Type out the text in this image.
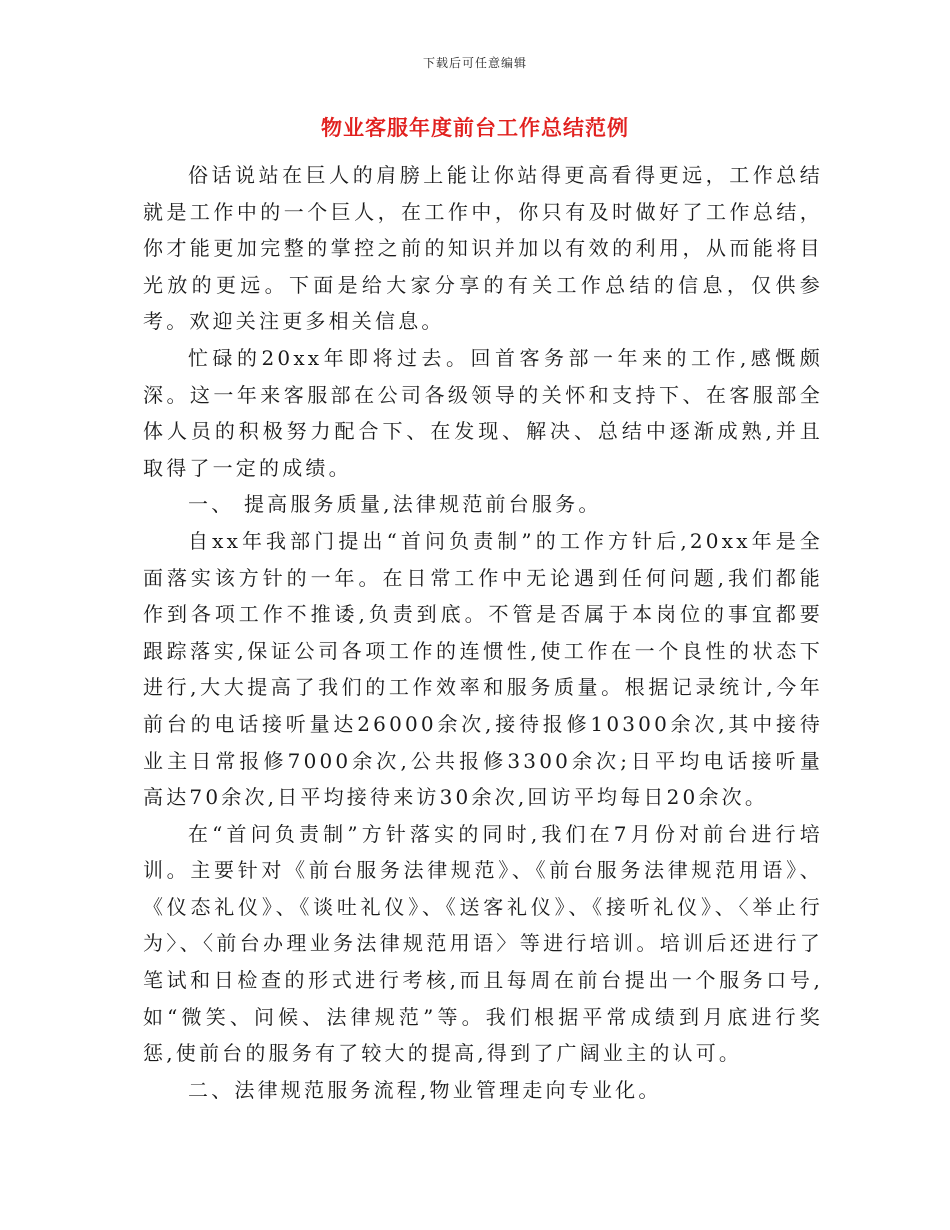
下载后可任意编辑
物业客服年度前台工作总结范例

俗话说站在巨人的肩膀上能让你站得更高看得更远，工作总结就是工作中的一个巨人，在工作中，你只有及时做好了工作总结，你才能更加完整的掌控之前的知识并加以有效的利用，从而能将目光放的更远。下面是给大家分享的有关工作总结的信息，仅供参考。欢迎关注更多相关信息。

忙碌的20xx年即将过去。回首客务部一年来的工作,感慨颇深。这一年来客服部在公司各级领导的关怀和支持下、在客服部全体人员的积极努力配合下、在发现、解决、总结中逐渐成熟,并且取得了一定的成绩。

一、 提高服务质量,法律规范前台服务。

自xx年我部门提出“首问负责制”的工作方针后,20xx年是全面落实该方针的一年。在日常工作中无论遇到任何问题,我们都能作到各项工作不推诿,负责到底。不管是否属于本岗位的事宜都要跟踪落实,保证公司各项工作的连惯性,使工作在一个良性的状态下进行,大大提高了我们的工作效率和服务质量。根据记录统计,今年前台的电话接听量达26000余次,接待报修10300余次,其中接待业主日常报修7000余次,公共报修3300余次;日平均电话接听量高达70余次,日平均接待来访30余次,回访平均每日20余次。

在“首问负责制”方针落实的同时,我们在7月份对前台进行培训。主要针对《前台服务法律规范》、《前台服务法律规范用语》、《仪态礼仪》、《谈吐礼仪》、《送客礼仪》、《接听礼仪》、〈举止行为〉、〈前台办理业务法律规范用语〉等进行培训。培训后还进行了笔试和日检查的形式进行考核,而且每周在前台提出一个服务口号,如“微笑、问候、法律规范”等。我们根据平常成绩到月底进行奖惩,使前台的服务有了较大的提高,得到了广阔业主的认可。

二、法律规范服务流程,物业管理走向专业化。
